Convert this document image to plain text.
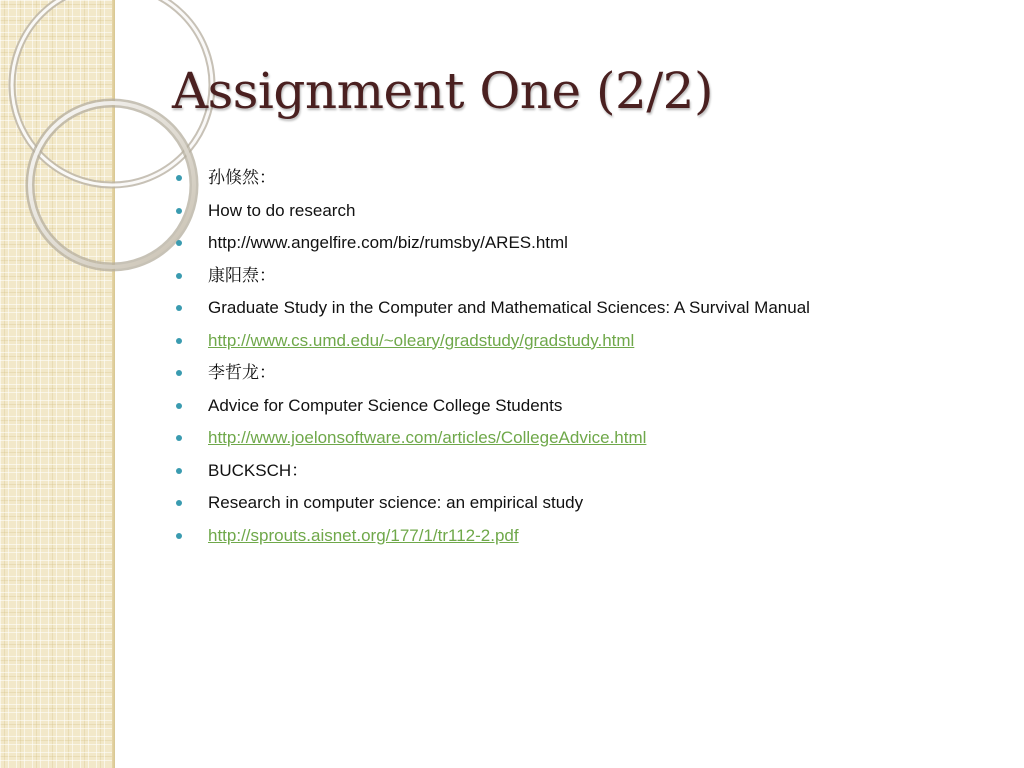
Assignment One (2/2)
孙倏然：
How to do research
http://www.angelfire.com/biz/rumsby/ARES.html
康阳焘：
Graduate Study in the Computer and Mathematical Sciences: A Survival Manual
http://www.cs.umd.edu/~oleary/gradstudy/gradstudy.html
李哲龙：
Advice for Computer Science College Students
http://www.joelonsoftware.com/articles/CollegeAdvice.html
BUCKSCH：
Research in computer science: an empirical study
http://sprouts.aisnet.org/177/1/tr112-2.pdf
